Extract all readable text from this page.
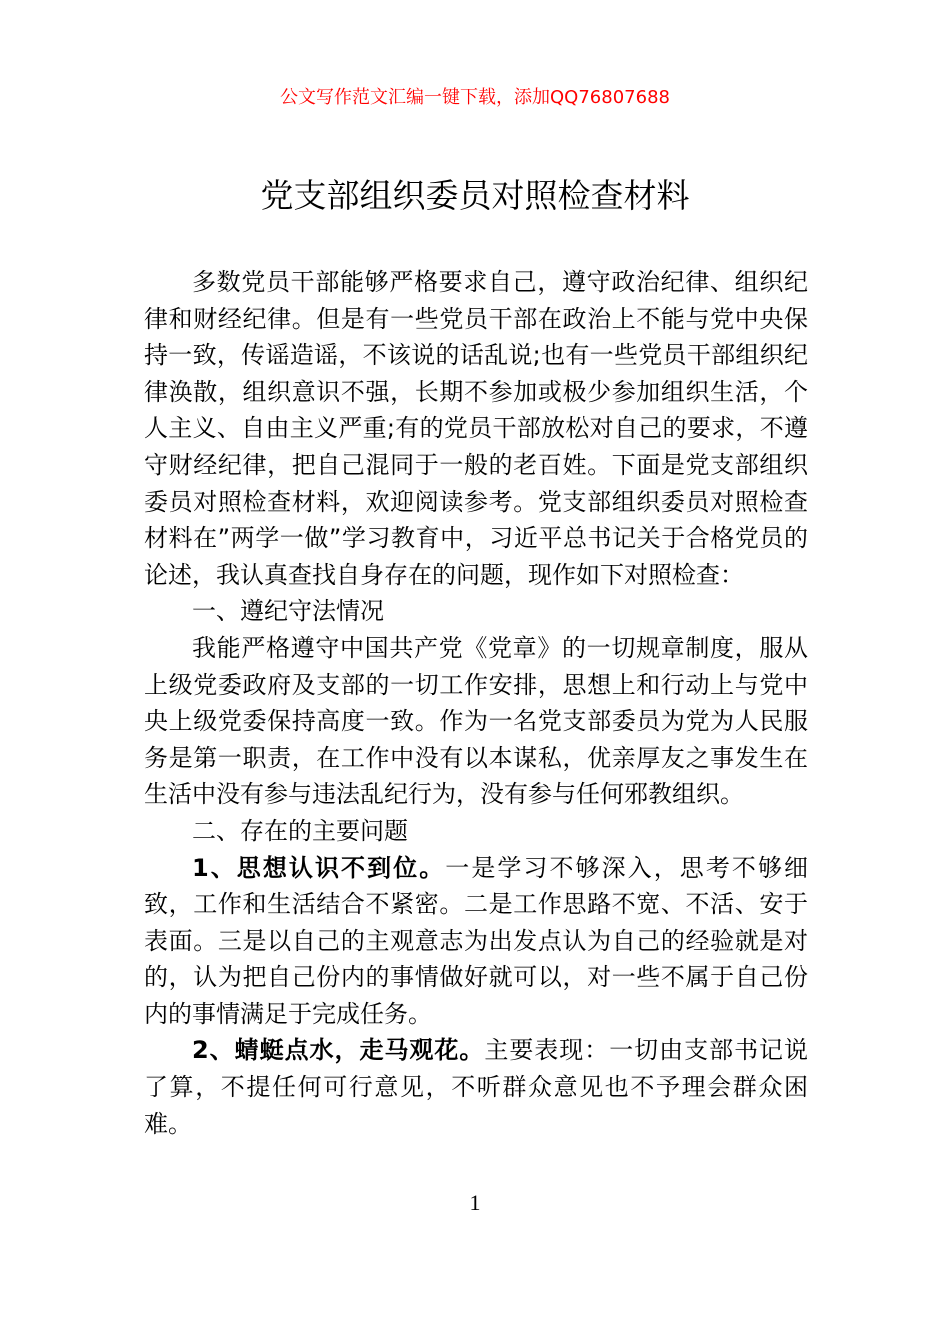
公文写作范文汇编一键下载，添加QQ76807688
党支部组织委员对照检查材料

多数党员干部能够严格要求自己，遵守政治纪律、组织纪律和财经纪律。但是有一些党员干部在政治上不能与党中央保持一致，传谣造谣，不该说的话乱说;也有一些党员干部组织纪律涣散，组织意识不强，长期不参加或极少参加组织生活，个人主义、自由主义严重;有的党员干部放松对自己的要求，不遵守财经纪律，把自己混同于一般的老百姓。下面是党支部组织委员对照检查材料，欢迎阅读参考。党支部组织委员对照检查材料在”两学一做”学习教育中，习近平总书记关于合格党员的论述，我认真查找自身存在的问题，现作如下对照检查：

一、遵纪守法情况

我能严格遵守中国共产党《党章》的一切规章制度，服从上级党委政府及支部的一切工作安排，思想上和行动上与党中央上级党委保持高度一致。作为一名党支部委员为党为人民服务是第一职责，在工作中没有以本谋私，优亲厚友之事发生在生活中没有参与违法乱纪行为，没有参与任何邪教组织。

二、存在的主要问题

1、思想认识不到位。一是学习不够深入，思考不够细致，工作和生活结合不紧密。二是工作思路不宽、不活、安于表面。三是以自己的主观意志为出发点认为自己的经验就是对的，认为把自己份内的事情做好就可以，对一些不属于自己份内的事情满足于完成任务。

2、蜻蜓点水，走马观花。主要表现：一切由支部书记说了算，不提任何可行意见，不听群众意见也不予理会群众困难。

1
